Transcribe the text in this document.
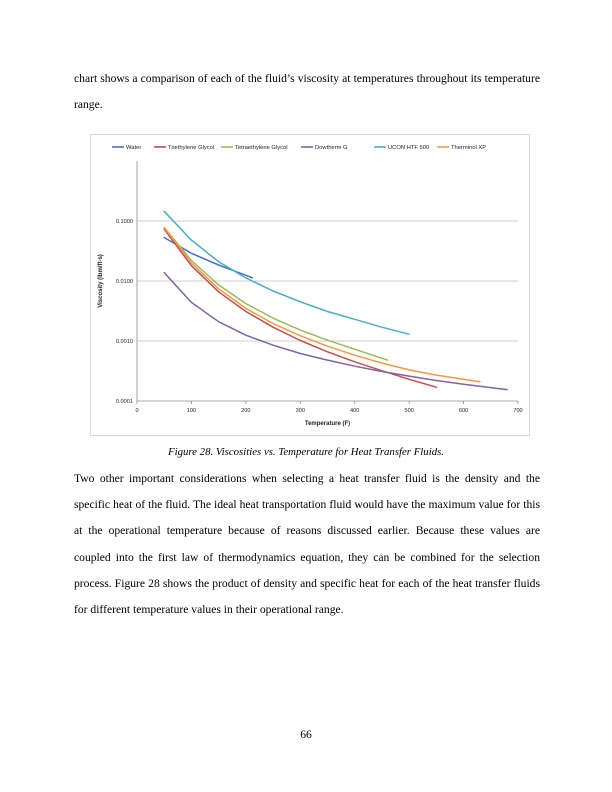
chart shows a comparison of each of the fluid’s viscosity at temperatures throughout its temperature range.

0.0001
0.0010
0.0100
0.1000
0	100	200	300	400	500	600	700
Temperature (F)
Viscosity (lbm/ft-s)
Water	Triethylene Glycol	Tetraethylene Glycol	Dowtherm G	UCON HTF 500	Therminol XP
Figure 28. Viscosities vs. Temperature for Heat Transfer Fluids.

Two other important considerations when selecting a heat transfer fluid is the density and the specific heat of the fluid. The ideal heat transportation fluid would have the maximum value for this at the operational temperature because of reasons discussed earlier. Because these values are coupled into the first law of thermodynamics equation, they can be combined for the selection process. Figure 28 shows the product of density and specific heat for each of the heat transfer fluids for different temperature values in their operational range.

66
